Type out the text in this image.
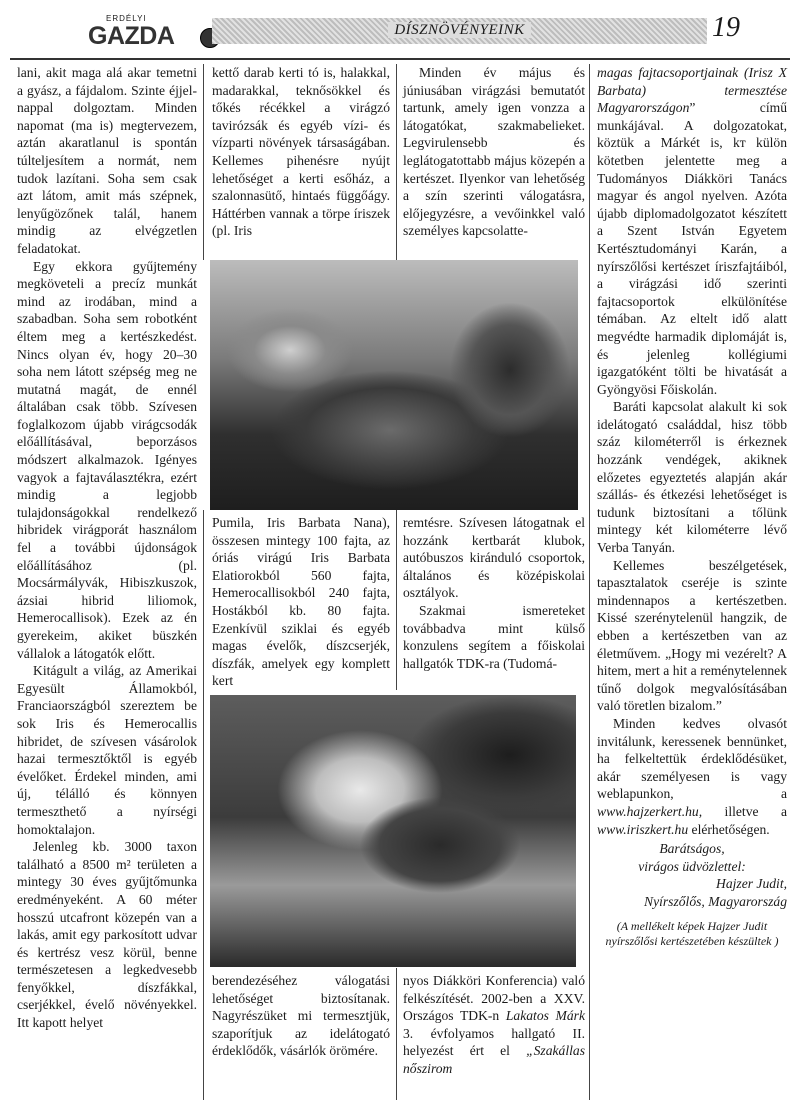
ERDÉLYI
GAZDA	DÍSZNÖVÉNYEINK	19

lani, akit maga alá akar temetni a gyász, a fájdalom. Szinte éjjel-nappal dolgoztam. Minden napomat (ma is) megtervezem, aztán akaratlanul is spontán túlteljesítem a normát, nem tudok lazítani. Soha sem csak azt látom, amit más szépnek, lenyűgözőnek talál, hanem mindig az elvégzetlen feladatokat.

Egy ekkora gyűjtemény megköveteli a precíz munkát mind az irodában, mind a szabadban. Soha sem robotként éltem meg a kertészkedést. Nincs olyan év, hogy 20–30 soha nem látott szépség meg ne mutatná magát, de ennél általában csak több. Szívesen foglalkozom újabb virágcsodák előállításával, beporzásos módszert alkalmazok. Igényes vagyok a fajtaválasztékra, ezért mindig a legjobb tulajdonságokkal rendelkező hibridek virágporát használom fel a további újdonságok előállításához (pl. Mocsármályvák, Hibiszkuszok, ázsiai hibrid liliomok, Hemerocallisok). Ezek az én gyerekeim, akiket büszkén vállalok a látogatók előtt.

Kitágult a világ, az Amerikai Egyesült Államokból, Franciaországból szereztem be sok Iris és Hemerocallis hibridet, de szívesen vásárolok hazai termesztőktől is egyéb évelőket. Érdekel minden, ami új, télálló és könnyen termeszthető a nyírségi homoktalajon.

Jelenleg kb. 3000 taxon található a 8500 m² területen a mintegy 30 éves gyűjtőmunka eredményeként. A 60 méter hosszú utcafront közepén van a lakás, amit egy parkosított udvar és kertrész vesz körül, benne természetesen a legkedvesebb fenyőkkel, díszfákkal, cserjékkel, évelő növényekkel. Itt kapott helyet

kettő darab kerti tó is, halakkal, madarakkal, teknősökkel és tőkés récékkel a virágzó tavirózsák és egyéb vízi- és vízparti növények társaságában. Kellemes pihenésre nyújt lehetőséget a kerti esőház, a szalonnasütő, hintaés függőágy. Háttérben vannak a törpe íriszek (pl. Iris

Minden év május és júniusában virágzási bemutatót tartunk, amely igen vonzza a látogatókat, szakmabelieket. Legvirulensebb és leglátogatottabb május közepén a kertészet. Ilyenkor van lehetőség a szín szerinti válogatásra, előjegyzésre, a vevőinkkel való személyes kapcsolatte-

Pumila, Iris Barbata Nana), összesen mintegy 100 fajta, az óriás virágú Iris Barbata Elatiorokból 560 fajta, Hemerocallisokból 240 fajta, Hostákból kb. 80 fajta. Ezenkívül sziklai és egyéb magas évelők, díszcserjék, díszfák, amelyek egy komplett kert

remtésre. Szívesen látogatnak el hozzánk kertbarát klubok, autóbuszos kiránduló csoportok, általános és középiskolai osztályok.

Szakmai ismereteket továbbadva mint külső konzulens segítem a főiskolai hallgatók TDK-ra (Tudomá-

berendezéséhez válogatási lehetőséget biztosítanak. Nagyrészüket mi termesztjük, szaporítjuk az idelátogató érdeklődők, vásárlók örömére.

nyos Diákköri Konferencia) való felkészítését. 2002-ben a XXV. Országos TDK-n Lakatos Márk 3. évfolyamos hallgató II. helyezést ért el „Szakállas nőszirom

magas fajtacsoportjainak (Irisz X Barbata) termesztése Magyarországon” című munkájával. A dolgozatokat, köztük a Márkét is, kт külön kötetben jelentette meg a Tudományos Diákköri Tanács magyar és angol nyelven. Azóta újabb diplomadolgozatot készített a Szent István Egyetem Kertésztudományi Karán, a nyírszőlősi kertészet íriszfajtáiból, a virágzási idő szerinti fajtacsoportok elkülönítése témában. Az eltelt idő alatt megvédte harmadik diplomáját is, és jelenleg kollégiumi igazgatóként tölti be hivatását a Gyöngyösi Főiskolán.

Baráti kapcsolat alakult ki sok idelátogató családdal, hisz több száz kilométerről is érkeznek hozzánk vendégek, akiknek előzetes egyeztetés alapján akár szállás- és étkezési lehetőséget is tudunk biztosítani a tőlünk mintegy két kilométerre lévő Verba Tanyán.

Kellemes beszélgetések, tapasztalatok cseréje is szinte mindennapos a kertészetben. Kissé szerénytelenül hangzik, de ebben a kertészetben van az életművem. „Hogy mi vezérelt? A hitem, mert a hit a reménytelennek tűnő dolgok megvalósításában való töretlen bizalom.”

Minden kedves olvasót invitálunk, keressenek bennünket, ha felkeltettük érdeklődésüket, akár személyesen is vagy weblapunkon, a www.hajzerkert.hu, illetve a www.iriszkert.hu elérhetőségen.

Barátságos,

virágos üdvözlettel:

Hajzer Judit,

Nyírszőlős, Magyarország

(A mellékelt képek Hajzer Judit nyírszőlősi kertészetében készültek )
